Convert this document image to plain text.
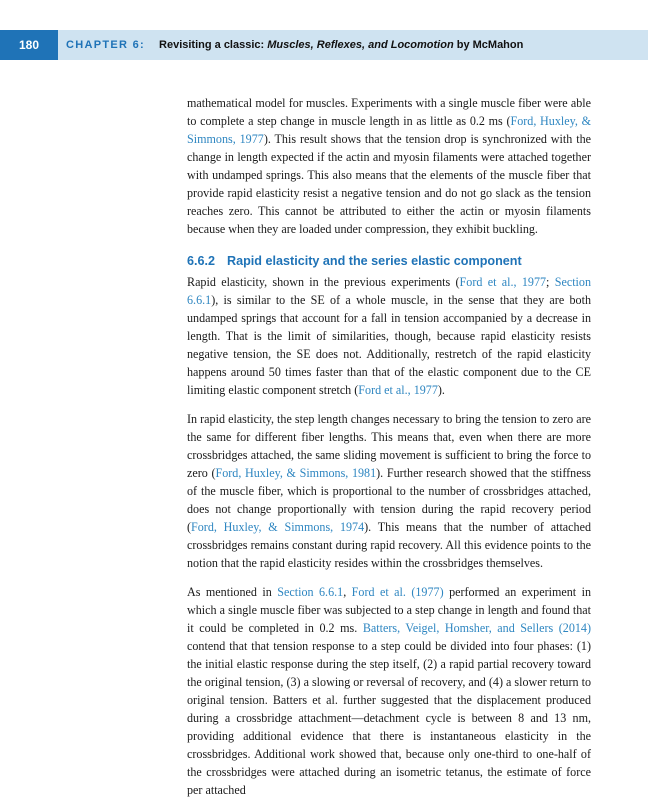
180	CHAPTER 6: Revisiting a classic: Muscles, Reflexes, and Locomotion by McMahon

mathematical model for muscles. Experiments with a single muscle fiber were able to complete a step change in muscle length in as little as 0.2 ms (Ford, Huxley, & Simmons, 1977). This result shows that the tension drop is synchronized with the change in length expected if the actin and myosin filaments were attached together with undamped springs. This also means that the elements of the muscle fiber that provide rapid elasticity resist a negative tension and do not go slack as the tension reaches zero. This cannot be attributed to either the actin or myosin filaments because when they are loaded under compression, they exhibit buckling.

6.6.2 Rapid elasticity and the series elastic component

Rapid elasticity, shown in the previous experiments (Ford et al., 1977; Section 6.6.1), is similar to the SE of a whole muscle, in the sense that they are both undamped springs that account for a fall in tension accompanied by a decrease in length. That is the limit of similarities, though, because rapid elasticity resists negative tension, the SE does not. Additionally, restretch of the rapid elasticity happens around 50 times faster than that of the elastic component due to the CE limiting elastic component stretch (Ford et al., 1977).

In rapid elasticity, the step length changes necessary to bring the tension to zero are the same for different fiber lengths. This means that, even when there are more crossbridges attached, the same sliding movement is sufficient to bring the force to zero (Ford, Huxley, & Simmons, 1981). Further research showed that the stiffness of the muscle fiber, which is proportional to the number of crossbridges attached, does not change proportionally with tension during the rapid recovery period (Ford, Huxley, & Simmons, 1974). This means that the number of attached crossbridges remains constant during rapid recovery. All this evidence points to the notion that the rapid elasticity resides within the crossbridges themselves.

As mentioned in Section 6.6.1, Ford et al. (1977) performed an experiment in which a single muscle fiber was subjected to a step change in length and found that it could be completed in 0.2 ms. Batters, Veigel, Homsher, and Sellers (2014) contend that that tension response to a step could be divided into four phases: (1) the initial elastic response during the step itself, (2) a rapid partial recovery toward the original tension, (3) a slowing or reversal of recovery, and (4) a slower return to original tension. Batters et al. further suggested that the displacement produced during a crossbridge attachment—detachment cycle is between 8 and 13 nm, providing additional evidence that there is instantaneous elasticity in the crossbridges. Additional work showed that, because only one-third to one-half of the crossbridges were attached during an isometric tetanus, the estimate of force per attached
